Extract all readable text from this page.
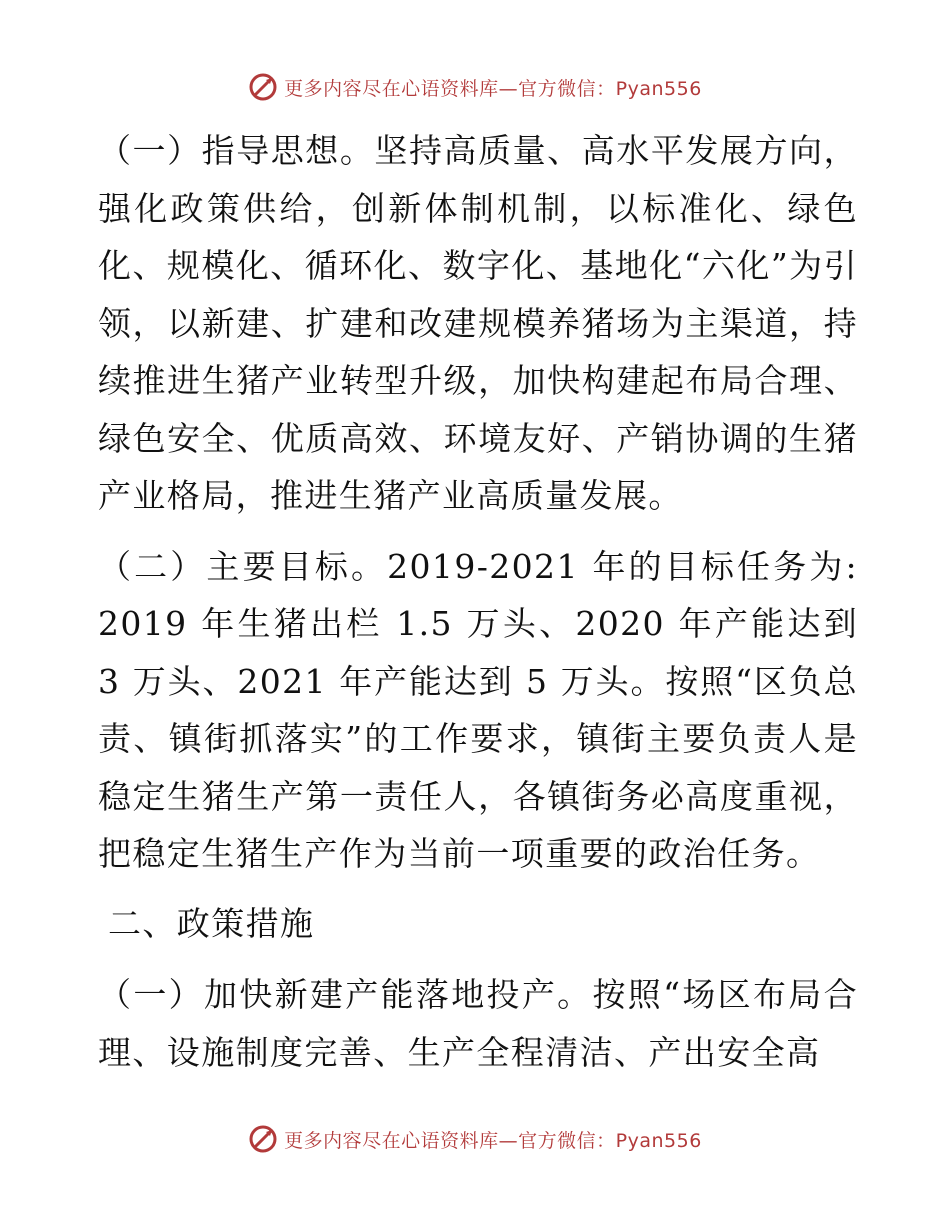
更多内容尽在心语资料库—官方微信：Pyan556

（一）指导思想。坚持高质量、高水平发展方向，强化政策供给，创新体制机制，以标准化、绿色化、规模化、循环化、数字化、基地化“六化”为引领，以新建、扩建和改建规模养猪场为主渠道，持续推进生猪产业转型升级，加快构建起布局合理、绿色安全、优质高效、环境友好、产销协调的生猪产业格局，推进生猪产业高质量发展。

（二）主要目标。2019-2021 年的目标任务为: 2019 年生猪出栏 1.5 万头、2020 年产能达到 3 万头、2021 年产能达到 5 万头。按照“区负总责、镇街抓落实”的工作要求，镇街主要负责人是稳定生猪生产第一责任人，各镇街务必高度重视，把稳定生猪生产作为当前一项重要的政治任务。

二、政策措施

（一）加快新建产能落地投产。按照“场区布局合理、设施制度完善、生产全程清洁、产出安全高

更多内容尽在心语资料库—官方微信：Pyan556
